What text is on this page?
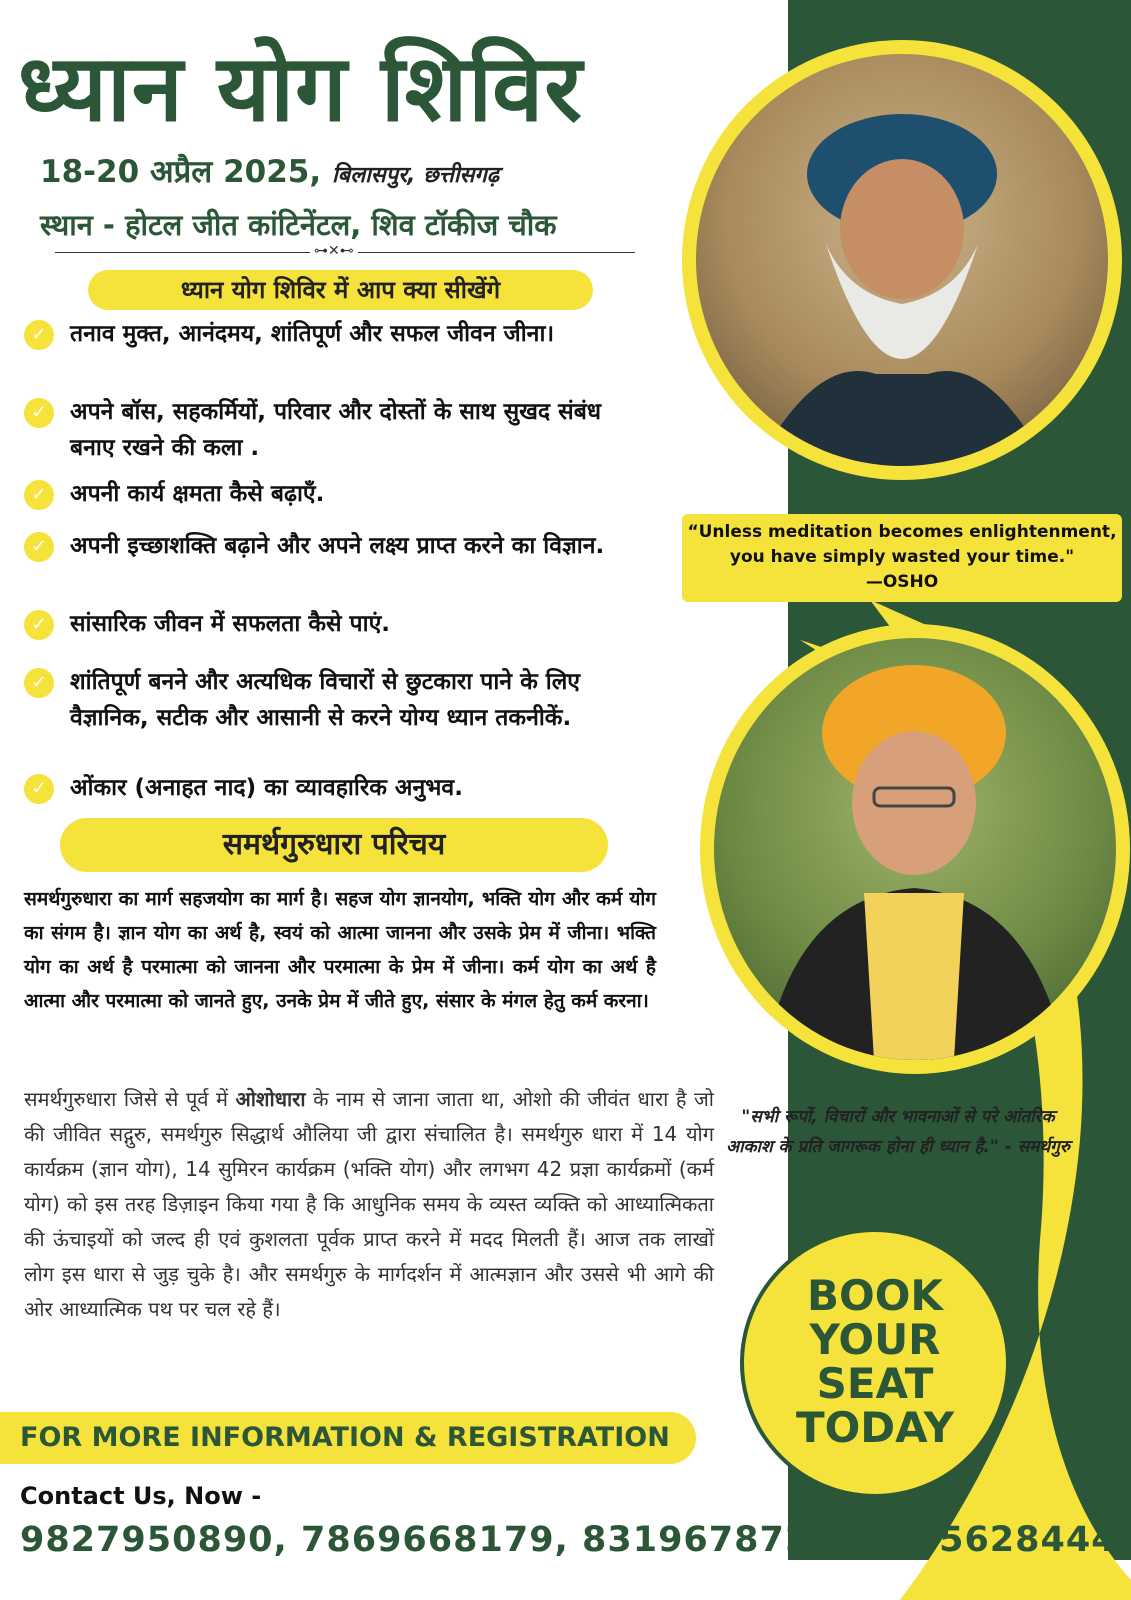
ध्यान योग शिविर
18-20 अप्रैल 2025, बिलासपुर, छत्तीसगढ़
स्थान - होटल जीत कांटिनेंटल, शिव टॉकीज चौक
⊶✕⊷
ध्यान योग शिविर में आप क्या सीखेंगे
✓	तनाव मुक्त, आनंदमय, शांतिपूर्ण और सफल जीवन जीना।
✓	अपने बॉस, सहकर्मियों, परिवार और दोस्तों के साथ सुखद संबंध बनाए रखने की कला .
✓	अपनी कार्य क्षमता कैसे बढ़ाएँ.
✓	अपनी इच्छाशक्ति बढ़ाने और अपने लक्ष्य प्राप्त करने का विज्ञान.
✓	सांसारिक जीवन में सफलता कैसे पाएं.
✓	शांतिपूर्ण बनने और अत्यधिक विचारों से छुटकारा पाने के लिए वैज्ञानिक, सटीक और आसानी से करने योग्य ध्यान तकनीकें.
✓	ओंकार (अनाहत नाद) का व्यावहारिक अनुभव.
समर्थगुरुधारा परिचय
समर्थगुरुधारा का मार्ग सहजयोग का मार्ग है। सहज योग ज्ञानयोग, भक्ति योग और कर्म योग का संगम है। ज्ञान योग का अर्थ है, स्वयं को आत्मा जानना और उसके प्रेम में जीना। भक्ति योग का अर्थ है परमात्मा को जानना और परमात्मा के प्रेम में जीना। कर्म योग का अर्थ है आत्मा और परमात्मा को जानते हुए, उनके प्रेम में जीते हुए, संसार के मंगल हेतु कर्म करना।
समर्थगुरुधारा जिसे से पूर्व में ओशोधारा के नाम से जाना जाता था, ओशो की जीवंत धारा है जो की जीवित सद्गुरु, समर्थगुरु सिद्धार्थ औलिया जी द्वारा संचालित है। समर्थगुरु धारा में 14 योग कार्यक्रम (ज्ञान योग), 14 सुमिरन कार्यक्रम (भक्ति योग) और लगभग 42 प्रज्ञा कार्यक्रमों (कर्म योग) को इस तरह डिज़ाइन किया गया है कि आधुनिक समय के व्यस्त व्यक्ति को आध्यात्मिकता की ऊंचाइयों को जल्द ही एवं कुशलता पूर्वक प्राप्त करने में मदद मिलती हैं। आज तक लाखों लोग इस धारा से जुड़ चुके है। और समर्थगुरु के मार्गदर्शन में आत्मज्ञान और उससे भी आगे की ओर आध्यात्मिक पथ पर चल रहे हैं।
FOR MORE INFORMATION & REGISTRATION
Contact Us, Now -
9827950890, 7869668179, 8319678722, 9685628444
“Unless meditation becomes enlightenment,
you have simply wasted your time."
—OSHO
"सभी रूपों, विचारों और भावनाओं से परे आंतरिक आकाश के प्रति जागरूक होना ही ध्यान है." - समर्थगुरु
BOOK
YOUR
SEAT
TODAY
